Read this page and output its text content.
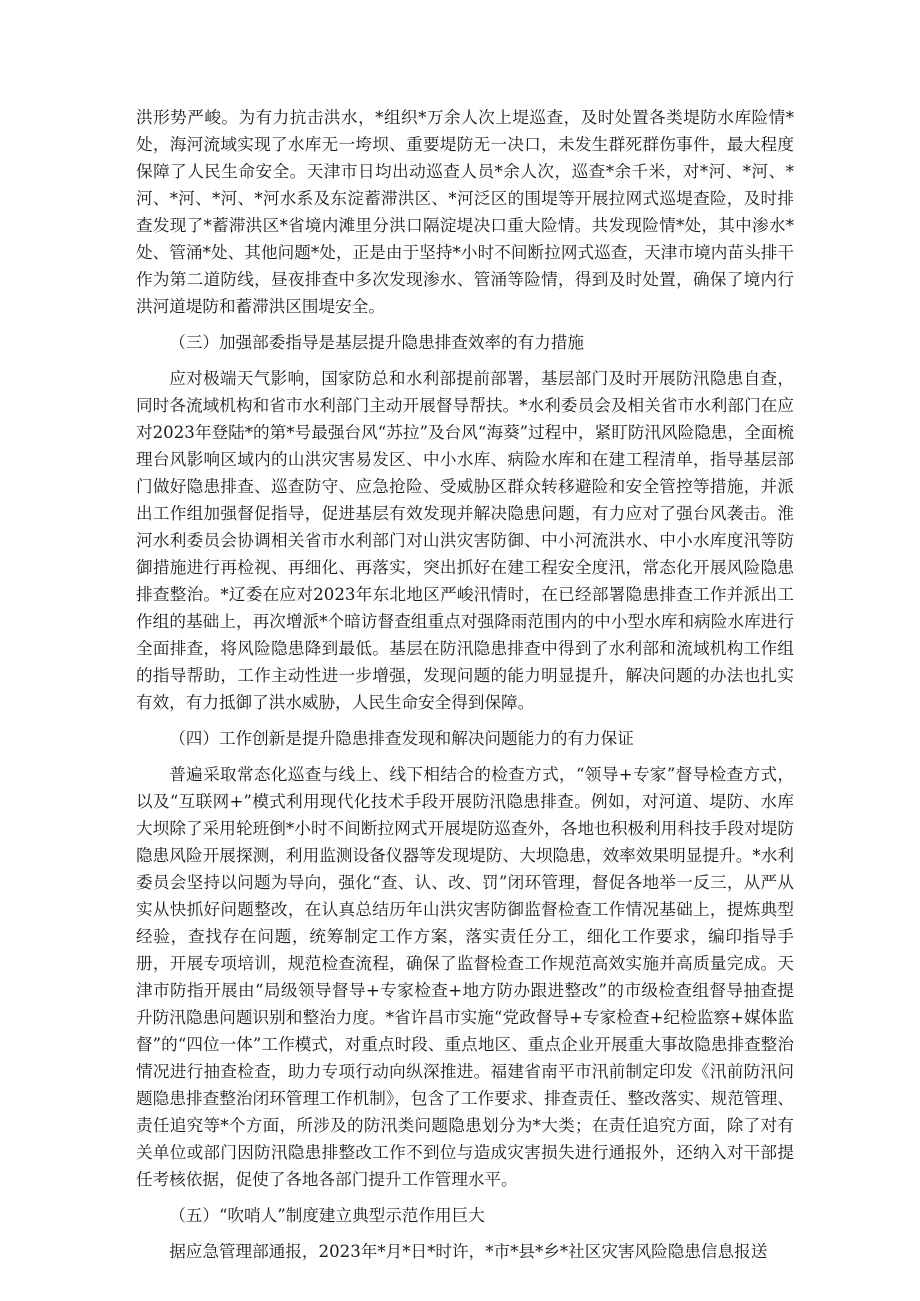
洪形势严峻。为有力抗击洪水，*组织*万余人次上堤巡查，及时处置各类堤防水库险情*处，海河流域实现了水库无一垮坝、重要堤防无一决口，未发生群死群伤事件，最大程度保障了人民生命安全。天津市日均出动巡查人员*余人次，巡查*余千米，对*河、*河、*河、*河、*河、*河水系及东淀蓄滞洪区、*河泛区的围堤等开展拉网式巡堤查险，及时排查发现了*蓄滞洪区*省境内滩里分洪口隔淀堤决口重大险情。共发现险情*处，其中渗水*处、管涌*处、其他问题*处，正是由于坚持*小时不间断拉网式巡查，天津市境内苗头排干作为第二道防线，昼夜排查中多次发现渗水、管涌等险情，得到及时处置，确保了境内行洪河道堤防和蓄滞洪区围堤安全。

（三）加强部委指导是基层提升隐患排查效率的有力措施

应对极端天气影响，国家防总和水利部提前部署，基层部门及时开展防汛隐患自查，同时各流域机构和省市水利部门主动开展督导帮扶。*水利委员会及相关省市水利部门在应对2023年登陆*的第*号最强台风“苏拉”及台风“海葵”过程中，紧盯防汛风险隐患，全面梳理台风影响区域内的山洪灾害易发区、中小水库、病险水库和在建工程清单，指导基层部门做好隐患排查、巡查防守、应急抢险、受威胁区群众转移避险和安全管控等措施，并派出工作组加强督促指导，促进基层有效发现并解决隐患问题，有力应对了强台风袭击。淮河水利委员会协调相关省市水利部门对山洪灾害防御、中小河流洪水、中小水库度汛等防御措施进行再检视、再细化、再落实，突出抓好在建工程安全度汛，常态化开展风险隐患排查整治。*辽委在应对2023年东北地区严峻汛情时，在已经部署隐患排查工作并派出工作组的基础上，再次增派*个暗访督查组重点对强降雨范围内的中小型水库和病险水库进行全面排查，将风险隐患降到最低。基层在防汛隐患排查中得到了水利部和流域机构工作组的指导帮助，工作主动性进一步增强，发现问题的能力明显提升，解决问题的办法也扎实有效，有力抵御了洪水威胁，人民生命安全得到保障。

（四）工作创新是提升隐患排查发现和解决问题能力的有力保证

普遍采取常态化巡查与线上、线下相结合的检查方式，“领导+专家”督导检查方式，以及“互联网+”模式利用现代化技术手段开展防汛隐患排查。例如，对河道、堤防、水库大坝除了采用轮班倒*小时不间断拉网式开展堤防巡查外，各地也积极利用科技手段对堤防隐患风险开展探测，利用监测设备仪器等发现堤防、大坝隐患，效率效果明显提升。*水利委员会坚持以问题为导向，强化“查、认、改、罚”闭环管理，督促各地举一反三，从严从实从快抓好问题整改，在认真总结历年山洪灾害防御监督检查工作情况基础上，提炼典型经验，查找存在问题，统筹制定工作方案，落实责任分工，细化工作要求，编印指导手册，开展专项培训，规范检查流程，确保了监督检查工作规范高效实施并高质量完成。天津市防指开展由“局级领导督导+专家检查+地方防办跟进整改”的市级检查组督导抽查提升防汛隐患问题识别和整治力度。*省许昌市实施“党政督导+专家检查+纪检监察+媒体监督”的“四位一体”工作模式，对重点时段、重点地区、重点企业开展重大事故隐患排查整治情况进行抽查检查，助力专项行动向纵深推进。福建省南平市汛前制定印发《汛前防汛问题隐患排查整治闭环管理工作机制》，包含了工作要求、排查责任、整改落实、规范管理、责任追究等*个方面，所涉及的防汛类问题隐患划分为*大类；在责任追究方面，除了对有关单位或部门因防汛隐患排整改工作不到位与造成灾害损失进行通报外，还纳入对干部提任考核依据，促使了各地各部门提升工作管理水平。

（五）“吹哨人”制度建立典型示范作用巨大

据应急管理部通报，2023年*月*日*时许，*市*县*乡*社区灾害风险隐患信息报送
